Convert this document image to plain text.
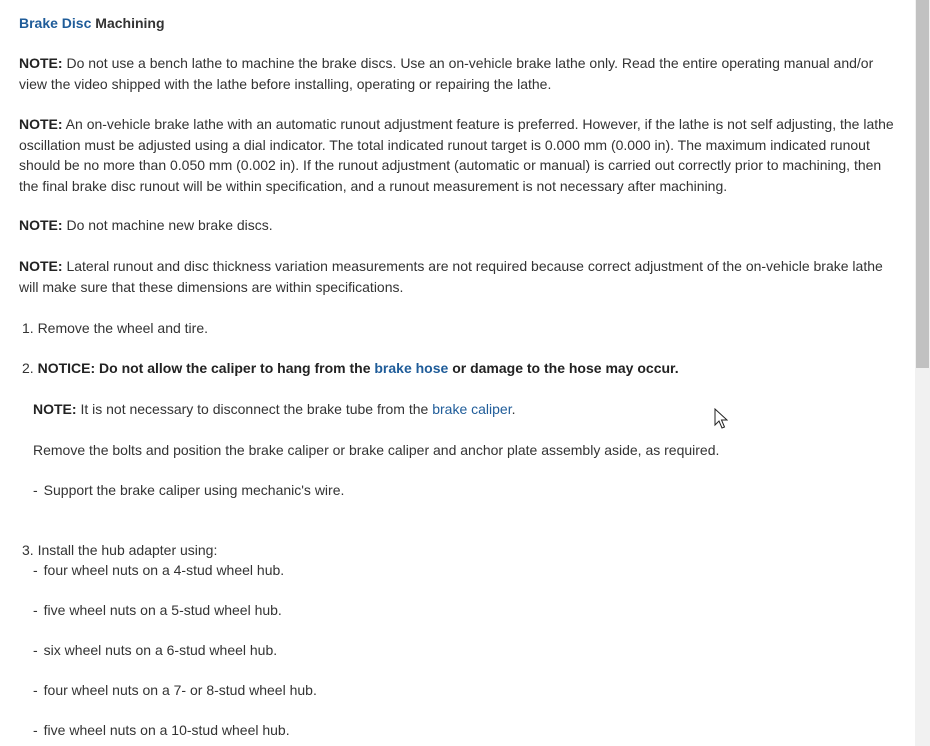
Brake Disc Machining

NOTE: Do not use a bench lathe to machine the brake discs. Use an on-vehicle brake lathe only. Read the entire operating manual and/or view the video shipped with the lathe before installing, operating or repairing the lathe.

NOTE: An on-vehicle brake lathe with an automatic runout adjustment feature is preferred. However, if the lathe is not self adjusting, the lathe oscillation must be adjusted using a dial indicator. The total indicated runout target is 0.000 mm (0.000 in). The maximum indicated runout should be no more than 0.050 mm (0.002 in). If the runout adjustment (automatic or manual) is carried out correctly prior to machining, then the final brake disc runout will be within specification, and a runout measurement is not necessary after machining.

NOTE: Do not machine new brake discs.

NOTE: Lateral runout and disc thickness variation measurements are not required because correct adjustment of the on-vehicle brake lathe will make sure that these dimensions are within specifications.

1. Remove the wheel and tire.
2. NOTICE: Do not allow the caliper to hang from the brake hose or damage to the hose may occur.
NOTE: It is not necessary to disconnect the brake tube from the brake caliper.
Remove the bolts and position the brake caliper or brake caliper and anchor plate assembly aside, as required.
- Support the brake caliper using mechanic's wire.
3. Install the hub adapter using:
- four wheel nuts on a 4-stud wheel hub.
- five wheel nuts on a 5-stud wheel hub.
- six wheel nuts on a 6-stud wheel hub.
- four wheel nuts on a 7- or 8-stud wheel hub.
- five wheel nuts on a 10-stud wheel hub.
